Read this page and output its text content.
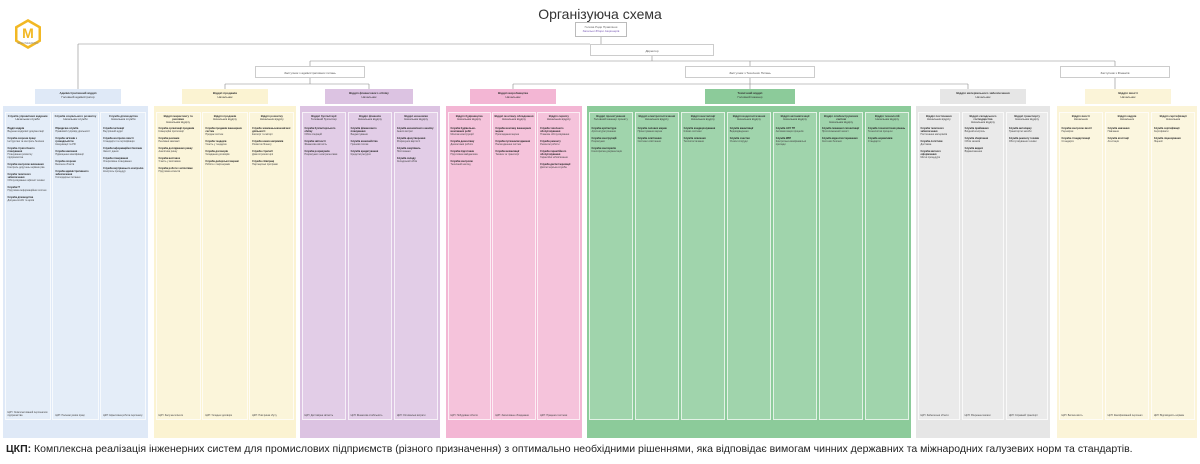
M
ENGINEERING
Організуюча схема
Голова Ради Правління
Загальні Збори Акціонерів
Директор
Заступник з адміністративних питань	Заступник з Технічних Питань	Заступник з Фінансів
Адміністративний відділ
Головний адміністратор
Служба управління кадрами
Начальник служби
Відділ кадрів
Ведення кадрової документації
Служба охорони праці
Інструктаж та контроль безпеки
Служба стратегічного планування
Планування розвитку підприємства
Служба контролю виконання
Контроль доручень керівництва
Служба технічного забезпечення
Обслуговування офісної техніки
Служба IT
Підтримка інформаційних систем
Служба діловодства
Документообіг та архів
ЦКП: Укомплектований персоналом підприємства
Служба соціального розвитку
Начальник служби
Юридична служба
Правовий супровід діяльності
Служба зв'язків з громадськістю
Комунікації та PR
Служба навчання
Підвищення кваліфікації
Служба охорони
Безпека об'єктів
Служба адміністративного забезпечення
Господарські питання
ЦКП: Належні умови праці
Служба діловодства
Начальник служби
Служба інспекції
Внутрішній аудит
Служба контролю якості
Стандарти та сертифікація
Служба інформаційної безпеки
Захист даних
Служба планування
Оперативне планування
Служба внутрішнього контролю
Контроль процедур
ЦКП: Ефективна робота персоналу
Відділ продажів
Начальник
Відділ маркетингу та реклами
Начальник відділу
Служба організації продажів
Комерційні пропозиції
Служба реклами
Рекламні кампанії
Служба дослідження ринку
Аналітика ринку
Служба виставок
Участь у виставках
Служба роботи з клієнтами
Підтримка клієнтів
ЦКП: Залучені клієнти
Відділ продажів
Начальник відділу
Служба продажів інженерних систем
Продаж систем
Служба тендерів
Участь у тендерах
Служба договорів
Укладання договорів
Служба дилерської мережі
Робота з партнерами
ЦКП: Укладені договори
Відділ розвитку
Начальник відділу
Служба зовнішньоекономічної діяльності
Експорт та імпорт
Служба нових напрямків
Розвиток бізнесу
Служба стратегії
Довгострокові цілі
Служба співпраці
Партнерські програми
ЦКП: Нові ринки збуту
Відділ фінансового обліку
Начальник
Відділ бухгалтерії
Головний бухгалтер
Служба бухгалтерського обліку
Облік операцій
Служба звітності
Фінансова звітність
Служба розрахунків
Розрахунки з контрагентами
ЦКП: Достовірна звітність
Відділ фінансів
Начальник відділу
Служба фінансового планування
Бюджетування
Служба казначейства
Грошові потоки
Служба кредитування
Кредитні ресурси
ЦКП: Фінансова стабільність
Відділ економіки
Начальник відділу
Служба економічного аналізу
Аналіз витрат
Служба ціноутворення
Розрахунок вартості
Служба закупівель
Постачання
Служба складу
Складський облік
ЦКП: Оптимальні витрати
Відділ виробництва
Начальник
Відділ будівництва
Начальник відділу
Служба будівельно-монтажних робіт
Монтаж конструкцій
Служба демонтажу
Демонтажні роботи
Служба підготовки
Підготовка майданчика
Служба контролю
Технічний нагляд
ЦКП: Побудовані об'єкти
Відділ монтажу обладнання
Начальник відділу
Служба монтажу інженерних мереж
Прокладання мереж
Служба пусконалагодження
Налагодження систем
Служба механізації
Техніка та транспорт
ЦКП: Змонтоване обладнання
Відділ сервісу
Начальник відділу
Служба технічного обслуговування
Планове обслуговування
Служба ремонту
Ремонтні роботи
Служба гарантійного обслуговування
Гарантійні зобов'язання
Служба диспетчеризації
Диспетчерська служба
ЦКП: Працюючі системи
Технічний відділ
Головний інженер
Відділ проектування
Головний інженер проекту
Служба архітектури
Архітектурні рішення
Служба конструкцій
Розрахунки
Служба кошторисів
Кошторисна документація
Відділ електропостачання
Начальник відділу
Служба силових мереж
Проектування мереж
Служба освітлення
Системи освітлення
Відділ вентиляції
Начальник відділу
Служба кондиціонування
Клімат-системи
Служба опалення
Теплопостачання
Відділ водопостачання
Начальник відділу
Служба каналізації
Водовідведення
Служба очистки
Очисні споруди
Відділ автоматизації
Начальник відділу
Служба АСУ ТП
Автоматизація процесів
Служба КВП
Контрольно-вимірювальні прилади
Відділ слабкострумових систем
Начальник відділу
Служба пожежної сигналізації
Протипожежний захист
Служба відеоспостереження
Системи безпеки
Відділ технологій
Начальник відділу
Служба технологічних рішень
Технологічні процеси
Служба нормативів
Стандарти
Відділ матеріального забезпечення
Начальник
Відділ постачання
Начальник відділу
Служба технічного забезпечення
Постачання матеріалів
Служба логістики
Доставка
Служба митного оформлення
Митні процедури
ЦКП: Забезпечені об'єкти
Відділ складського господарства
Начальник відділу
Служба приймання
Вхідний контроль
Служба зберігання
Облік запасів
Служба видачі
Відвантаження
ЦКП: Збережені запаси
Відділ транспорту
Начальник відділу
Служба автопарку
Транспортні засоби
Служба ремонту техніки
Обслуговування техніки
ЦКП: Справний транспорт
Відділ якості
Начальник
Відділ якості
Начальник
Служба контролю якості
Перевірки
Служба стандартизації
Стандарти
ЦКП: Висока якість
Відділ кадрів
Начальник
Служба навчання
Навчання
Служба атестації
Атестація
ЦКП: Кваліфікований персонал
Відділ сертифікації
Начальник
Служба сертифікації
Сертифікати
Служба ліцензування
Ліцензії
ЦКП: Відповідність нормам
ЦКП: Комплексна реалізація інженерних систем для промислових підприємств (різного призначення) з оптимально необхідними рішеннями, яка відповідає вимогам чинних державних та міжнародних галузевих норм та стандартів.
